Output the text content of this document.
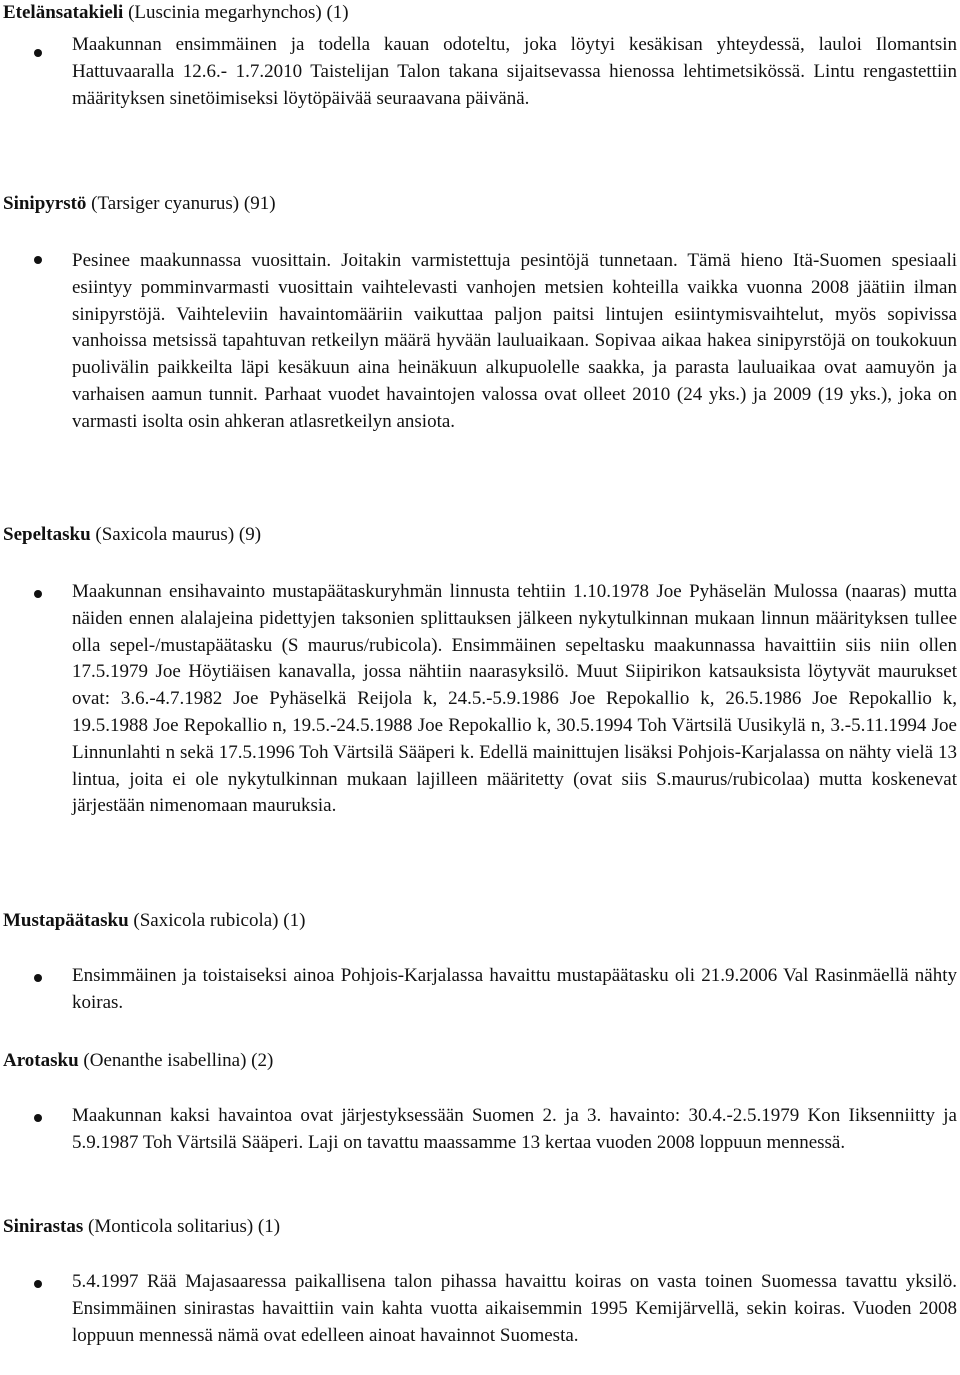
Etelänsatakieli (Luscinia megarhynchos) (1)
Maakunnan ensimmäinen ja todella kauan odoteltu, joka löytyi kesäkisan yhteydessä, lauloi Ilomantsin Hattuvaaralla 12.6.- 1.7.2010 Taistelijan Talon takana sijaitsevassa hienossa lehtimetsikössä. Lintu rengastettiin määrityksen sinetöimiseksi löytöpäivää seuraavana päivänä.
Sinipyrstö (Tarsiger cyanurus) (91)
Pesinee maakunnassa vuosittain. Joitakin varmistettuja pesintöjä tunnetaan. Tämä hieno Itä-Suomen spesiaali esiintyy pomminvarmasti vuosittain vaihtelevasti vanhojen metsien kohteilla vaikka vuonna 2008 jäätiin ilman sinipyrstöjä. Vaihteleviin havaintomääriin vaikuttaa paljon paitsi lintujen esiintymisvaihtelut, myös sopivissa vanhoissa metsissä tapahtuvan retkeilyn määrä hyvään lauluaikaan. Sopivaa aikaa hakea sinipyrstöjä on toukokuun puolivälin paikkeilta läpi kesäkuun aina heinäkuun alkupuolelle saakka, ja parasta lauluaikaa ovat aamuyön ja varhaisen aamun tunnit. Parhaat vuodet havaintojen valossa ovat olleet 2010 (24 yks.) ja 2009 (19 yks.), joka on varmasti isolta osin ahkeran atlasretkeilyn ansiota.
Sepeltasku (Saxicola maurus) (9)
Maakunnan ensihavainto mustapäätaskuryhmän linnusta tehtiin 1.10.1978 Joe Pyhäselän Mulossa (naaras) mutta näiden ennen alalajeina pidettyjen taksonien splittauksen jälkeen nykytulkinnan mukaan linnun määrityksen tullee olla sepel-/mustapäätasku (S maurus/rubicola). Ensimmäinen sepeltasku maakunnassa havaittiin siis niin ollen 17.5.1979 Joe Höytiäisen kanavalla, jossa nähtiin naarasyksilö. Muut Siipirikon katsauksista löytyvät maurukset ovat: 3.6.-4.7.1982 Joe Pyhäselkä Reijola k, 24.5.-5.9.1986 Joe Repokallio k, 26.5.1986 Joe Repokallio k, 19.5.1988 Joe Repokallio n, 19.5.-24.5.1988 Joe Repokallio k, 30.5.1994 Toh Värtsilä Uusikylä n, 3.-5.11.1994 Joe Linnunlahti n sekä 17.5.1996 Toh Värtsilä Sääperi k. Edellä mainittujen lisäksi Pohjois-Karjalassa on nähty vielä 13 lintua, joita ei ole nykytulkinnan mukaan lajilleen määritetty (ovat siis S.maurus/rubicolaa) mutta koskenevat järjestään nimenomaan mauruksia.
Mustapäätasku (Saxicola rubicola) (1)
Ensimmäinen ja toistaiseksi ainoa Pohjois-Karjalassa havaittu mustapäätasku oli 21.9.2006 Val Rasinmäellä nähty koiras.
Arotasku (Oenanthe isabellina) (2)
Maakunnan kaksi havaintoa ovat järjestyksessään Suomen 2. ja 3. havainto: 30.4.-2.5.1979 Kon Iiksenniitty ja 5.9.1987 Toh Värtsilä Sääperi. Laji on tavattu maassamme 13 kertaa vuoden 2008 loppuun mennessä.
Sinirastas (Monticola solitarius) (1)
5.4.1997 Rää Majasaaressa paikallisena talon pihassa havaittu koiras on vasta toinen Suomessa tavattu yksilö. Ensimmäinen sinirastas havaittiin vain kahta vuotta aikaisemmin 1995 Kemijärvellä, sekin koiras. Vuoden 2008 loppuun mennessä nämä ovat edelleen ainoat havainnot Suomesta.
